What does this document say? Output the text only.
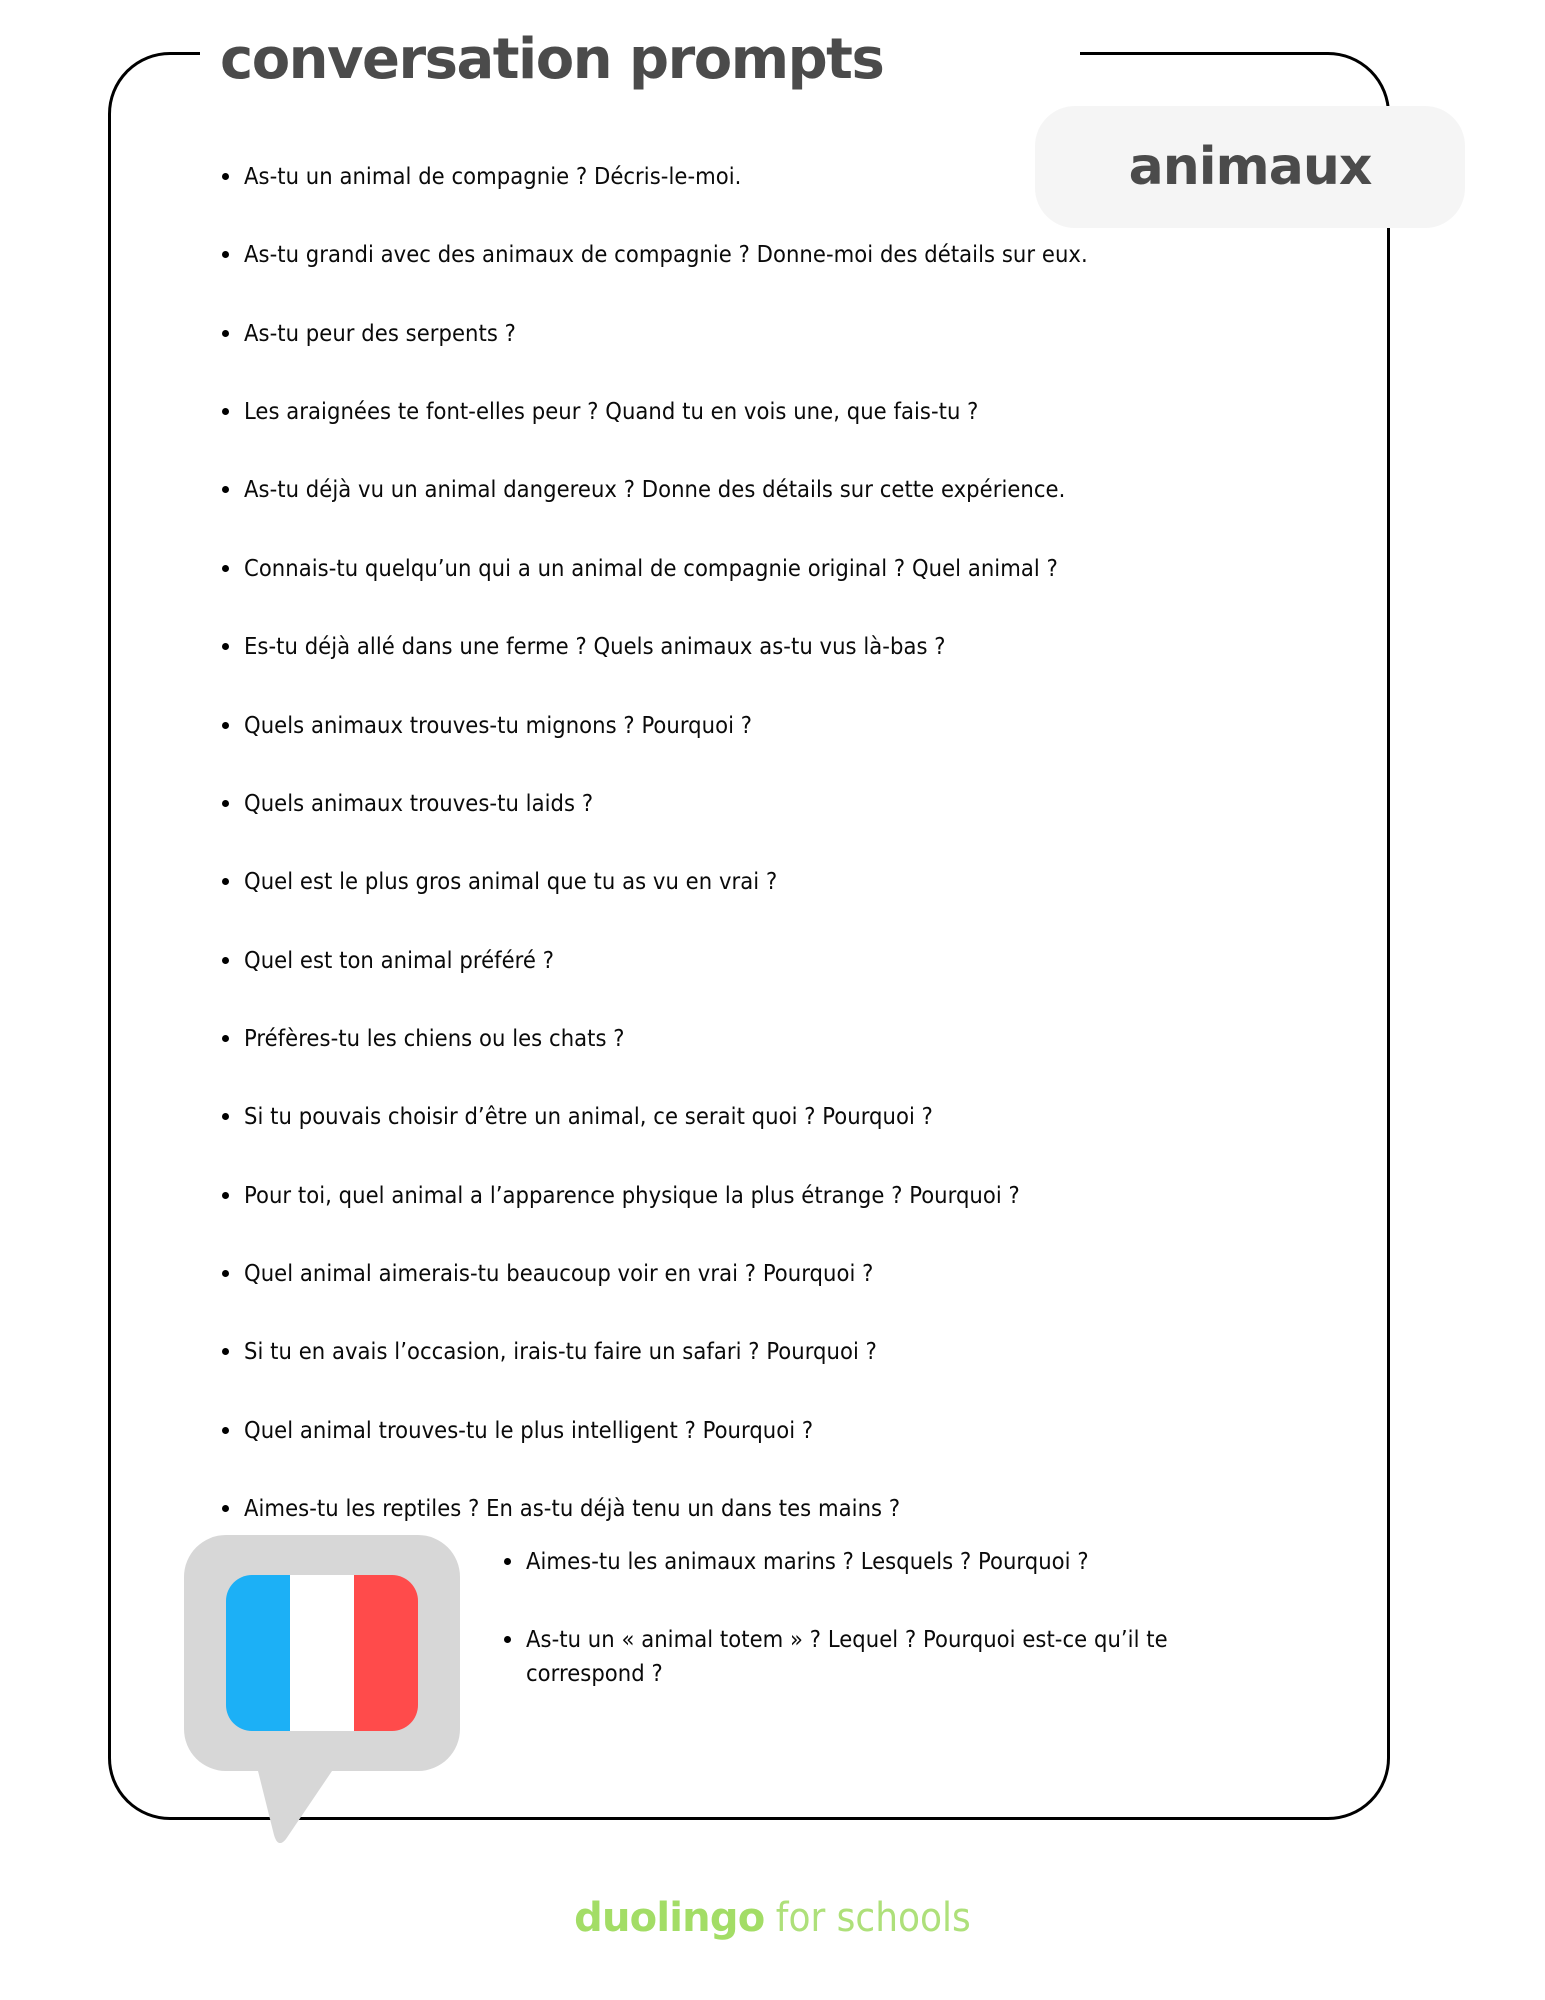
conversation prompts
animaux
As-tu un animal de compagnie ? Décris-le-moi.
As-tu grandi avec des animaux de compagnie ? Donne-moi des détails sur eux.
As-tu peur des serpents ?
Les araignées te font-elles peur ? Quand tu en vois une, que fais-tu ?
As-tu déjà vu un animal dangereux ? Donne des détails sur cette expérience.
Connais-tu quelqu’un qui a un animal de compagnie original ? Quel animal ?
Es-tu déjà allé dans une ferme ? Quels animaux as-tu vus là-bas ?
Quels animaux trouves-tu mignons ? Pourquoi ?
Quels animaux trouves-tu laids ?
Quel est le plus gros animal que tu as vu en vrai ?
Quel est ton animal préféré ?
Préfères-tu les chiens ou les chats ?
Si tu pouvais choisir d’être un animal, ce serait quoi ? Pourquoi ?
Pour toi, quel animal a l’apparence physique la plus étrange ? Pourquoi ?
Quel animal aimerais-tu beaucoup voir en vrai ? Pourquoi ?
Si tu en avais l’occasion, irais-tu faire un safari ? Pourquoi ?
Quel animal trouves-tu le plus intelligent ? Pourquoi ?
Aimes-tu les reptiles ? En as-tu déjà tenu un dans tes mains ?
Aimes-tu les animaux marins ? Lesquels ? Pourquoi ?
As-tu un « animal totem » ? Lequel ? Pourquoi est-ce qu’il te correspond ?
duolingo for schools
